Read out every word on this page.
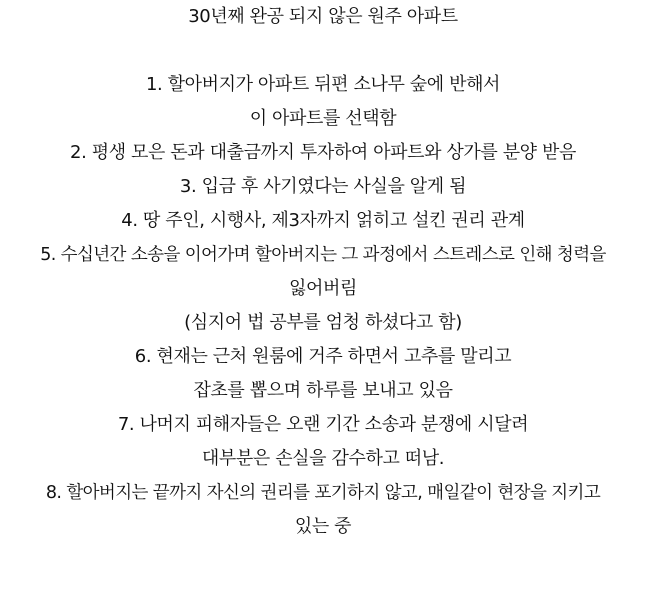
30년째 완공 되지 않은 원주 아파트
1. 할아버지가 아파트 뒤편 소나무 숲에 반해서
이 아파트를 선택함
2. 평생 모은 돈과 대출금까지 투자하여 아파트와 상가를 분양 받음
3. 입금 후 사기였다는 사실을 알게 됨
4. 땅 주인, 시행사, 제3자까지 얽히고 설킨 권리 관계
5. 수십년간 소송을 이어가며 할아버지는 그 과정에서 스트레스로 인해 청력을
잃어버림
(심지어 법 공부를 엄청 하셨다고 함)
6. 현재는 근처 원룸에 거주 하면서 고추를 말리고
잡초를 뽑으며 하루를 보내고 있음
7. 나머지 피해자들은 오랜 기간 소송과 분쟁에 시달려
대부분은 손실을 감수하고 떠남.
8. 할아버지는 끝까지 자신의 권리를 포기하지 않고, 매일같이 현장을 지키고
있는 중
